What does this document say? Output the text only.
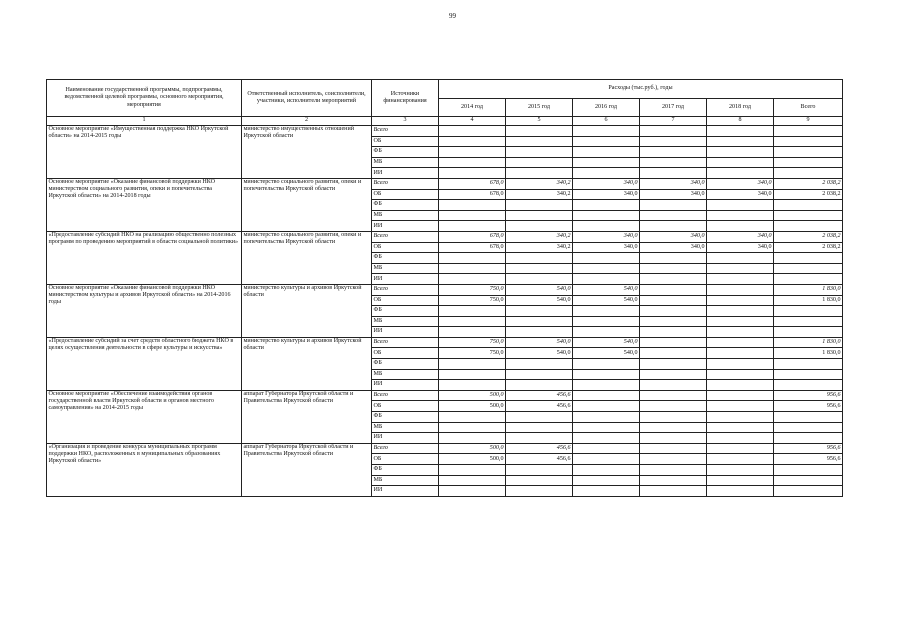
99
Наименование государственной программы, подпрограммы, ведомственной целевой программы, основного мероприятия, мероприятия	Ответственный исполнитель, соисполнители, участники, исполнители мероприятий	Источники финансирования	Расходы (тыс.руб.), годы					
			2014 год	2015 год	2016 год	2017 год	2018 год	Всего
1	2	3	4	5	6	7	8	9
Основное мероприятие «Имущественная поддержка НКО Иркутской области» на 2014-2015 годы	министерство имущественных отношений Иркутской области	Всего						
		ОБ						
		ФБ						
		МБ						
		ИИ						
Основное мероприятие «Оказание финансовой поддержки НКО министерством социального развития, опеки и попечительства Иркутской области» на 2014-2018 годы	министерство социального развития, опеки и попечительства Иркутской области	Всего	678,0	340,2	340,0	340,0	340,0	2 038,2
		ОБ	678,0	340,2	340,0	340,0	340,0	2 038,2
		ФБ						
		МБ						
		ИИ						
«Предоставление субсидий НКО на реализацию общественно полезных программ по проведению мероприятий в области социальной политики»	министерство социального развития, опеки и попечительства Иркутской области	Всего	678,0	340,2	340,0	340,0	340,0	2 038,2
		ОБ	678,0	340,2	340,0	340,0	340,0	2 038,2
		ФБ						
		МБ						
		ИИ						
Основное мероприятие «Оказание финансовой поддержки НКО министерством культуры и архивов Иркутской области» на 2014-2016 годы	министерство культуры и архивов Иркутской области	Всего	750,0	540,0	540,0			1 830,0
		ОБ	750,0	540,0	540,0			1 830,0
		ФБ						
		МБ						
		ИИ						
«Предоставление субсидий за счет средств областного бюджета НКО в целях осуществления деятельности в сфере культуры и искусства»	министерство культуры и архивов Иркутской области	Всего	750,0	540,0	540,0			1 830,0
		ОБ	750,0	540,0	540,0			1 830,0
		ФБ						
		МБ						
		ИИ						
Основное мероприятие «Обеспечение взаимодействия органов государственной власти Иркутской области и органов местного самоуправления» на 2014-2015 годы	аппарат Губернатора Иркутской области и Правительства Иркутской области	Всего	500,0	456,6				956,6
		ОБ	500,0	456,6				956,6
		ФБ						
		МБ						
		ИИ						
«Организация и проведение конкурса муниципальных программ поддержки НКО, расположенных в муниципальных образованиях Иркутской области»	аппарат Губернатора Иркутской области и Правительства Иркутской области	Всего	500,0	456,6				956,6
		ОБ	500,0	456,6				956,6
		ФБ						
		МБ						
		ИИ						
